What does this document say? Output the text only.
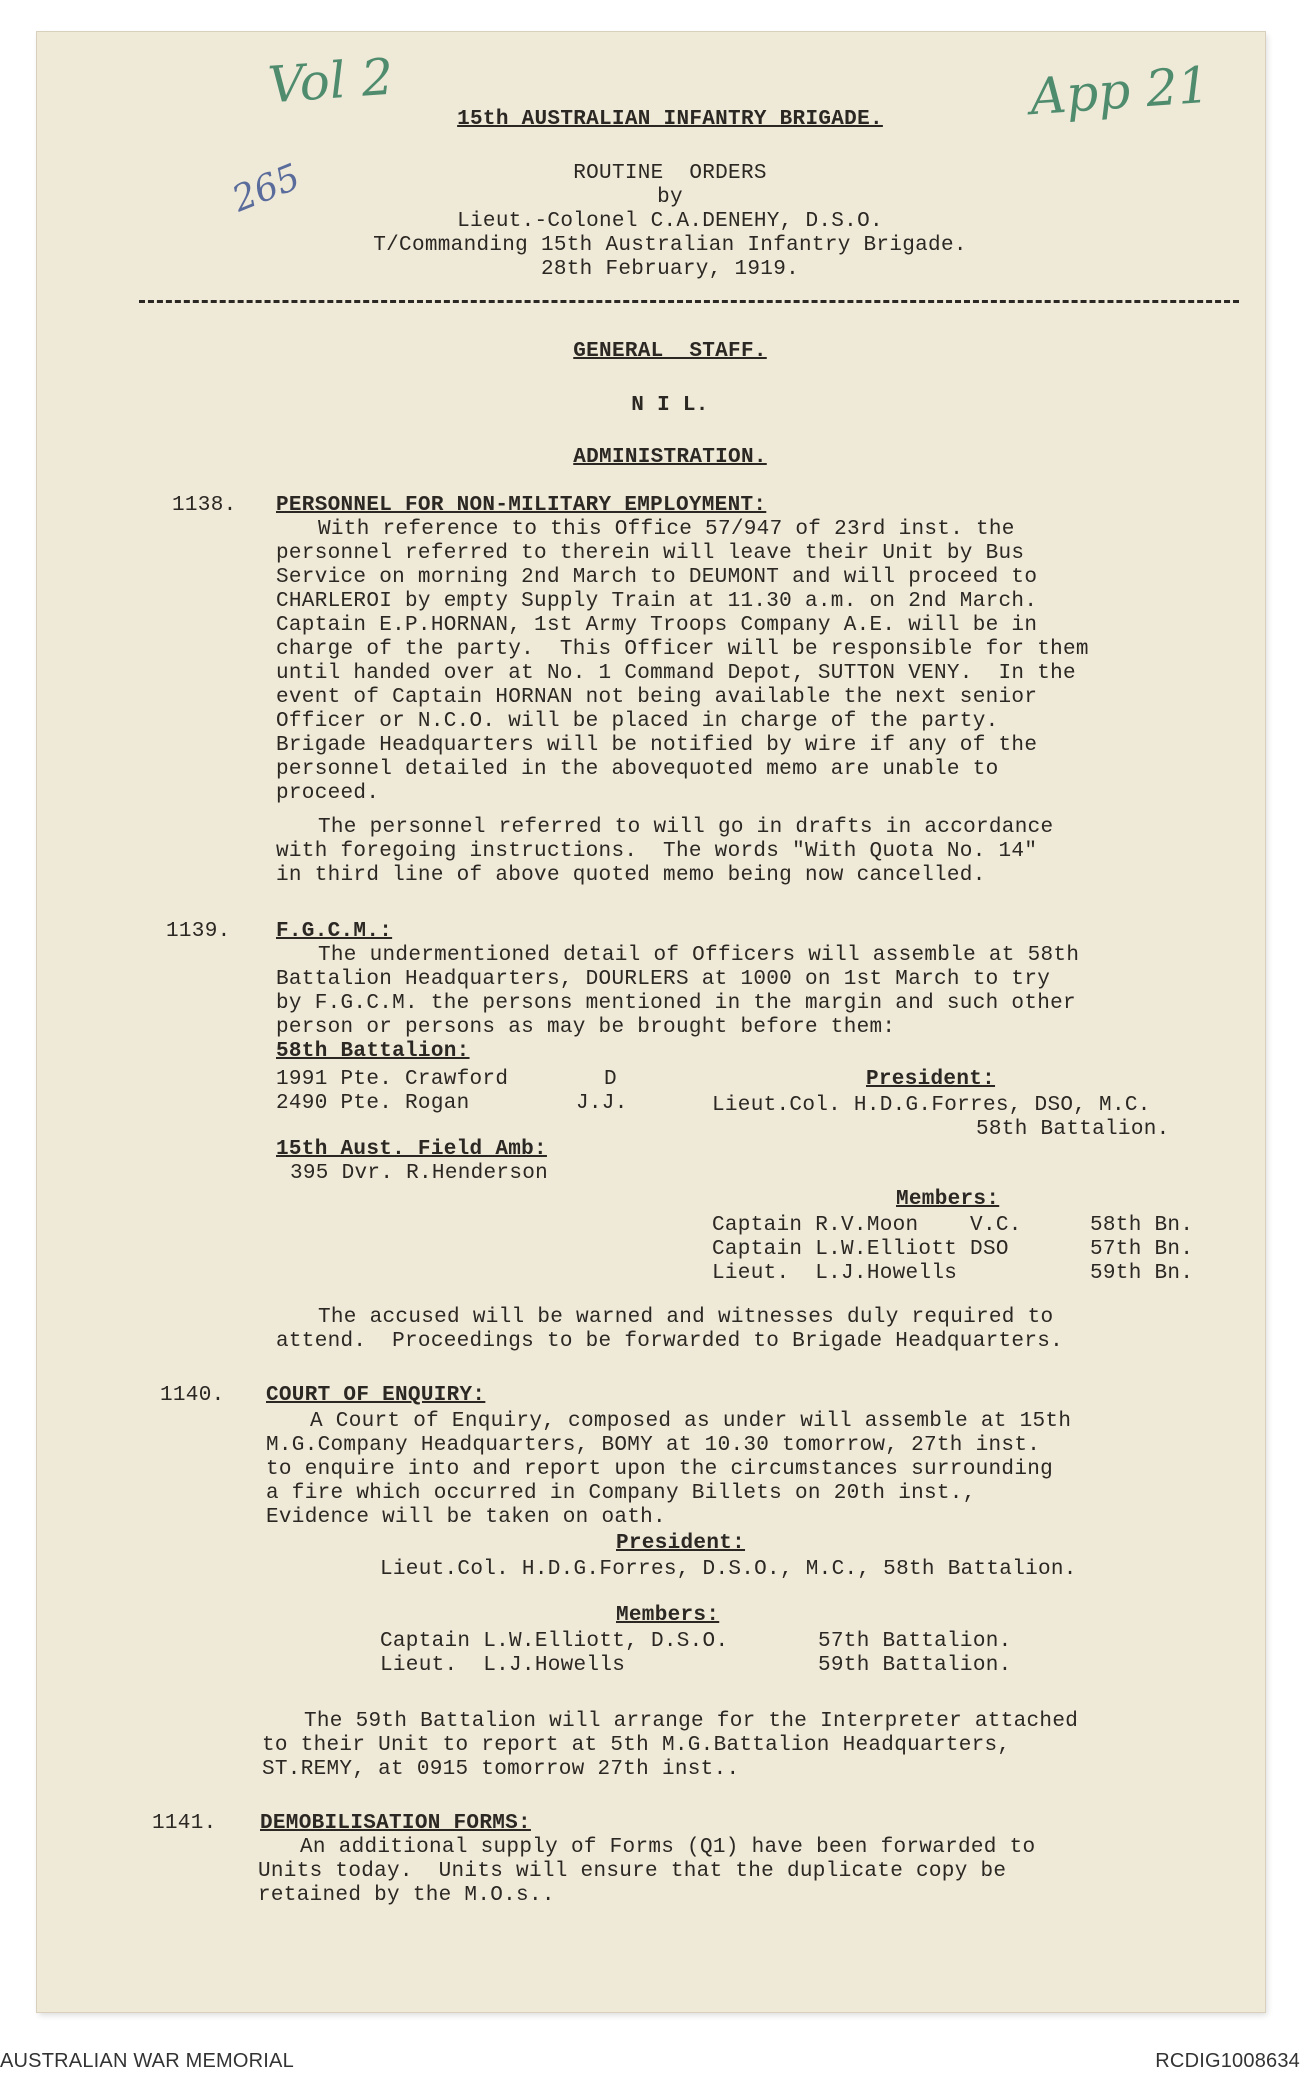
Vol 2	App 21
265
15th AUSTRALIAN INFANTRY BRIGADE.
ROUTINE  ORDERS
by
Lieut.-Colonel C.A.DENEHY, D.S.O.
T/Commanding 15th Australian Infantry Brigade.
28th February, 1919.
GENERAL  STAFF.
N I L.
ADMINISTRATION.
1138. PERSONNEL FOR NON-MILITARY EMPLOYMENT:
With reference to this Office 57/947 of 23rd inst. the
personnel referred to therein will leave their Unit by Bus
Service on morning 2nd March to DEUMONT and will proceed to
CHARLEROI by empty Supply Train at 11.30 a.m. on 2nd March.
Captain E.P.HORNAN, 1st Army Troops Company A.E. will be in
charge of the party.  This Officer will be responsible for them
until handed over at No. 1 Command Depot, SUTTON VENY.  In the
event of Captain HORNAN not being available the next senior
Officer or N.C.O. will be placed in charge of the party.
Brigade Headquarters will be notified by wire if any of the
personnel detailed in the abovequoted memo are unable to
proceed.
The personnel referred to will go in drafts in accordance
with foregoing instructions.  The words "With Quota No. 14"
in third line of above quoted memo being now cancelled.
1139. F.G.C.M.:
The undermentioned detail of Officers will assemble at 58th
Battalion Headquarters, DOURLERS at 1000 on 1st March to try
by F.G.C.M. the persons mentioned in the margin and such other
person or persons as may be brought before them:
58th Battalion:
1991 Pte. Crawford	D
2490 Pte. Rogan	J.J.
President:
Lieut.Col. H.D.G.Forres, DSO, M.C.
58th Battalion.
15th Aust. Field Amb:
395 Dvr. R.Henderson
Members:
Captain R.V.Moon    V.C.	58th Bn.
Captain L.W.Elliott DSO	57th Bn.
Lieut.  L.J.Howells	59th Bn.
The accused will be warned and witnesses duly required to
attend.  Proceedings to be forwarded to Brigade Headquarters.
1140. COURT OF ENQUIRY:
A Court of Enquiry, composed as under will assemble at 15th
M.G.Company Headquarters, BOMY at 10.30 tomorrow, 27th inst.
to enquire into and report upon the circumstances surrounding
a fire which occurred in Company Billets on 20th inst.,
Evidence will be taken on oath.
President:
Lieut.Col. H.D.G.Forres, D.S.O., M.C., 58th Battalion.
Members:
Captain L.W.Elliott, D.S.O.	57th Battalion.
Lieut.  L.J.Howells	59th Battalion.
The 59th Battalion will arrange for the Interpreter attached
to their Unit to report at 5th M.G.Battalion Headquarters,
ST.REMY, at 0915 tomorrow 27th inst..
1141. DEMOBILISATION FORMS:
An additional supply of Forms (Q1) have been forwarded to
Units today.  Units will ensure that the duplicate copy be
retained by the M.O.s..
AUSTRALIAN WAR MEMORIAL	RCDIG1008634
